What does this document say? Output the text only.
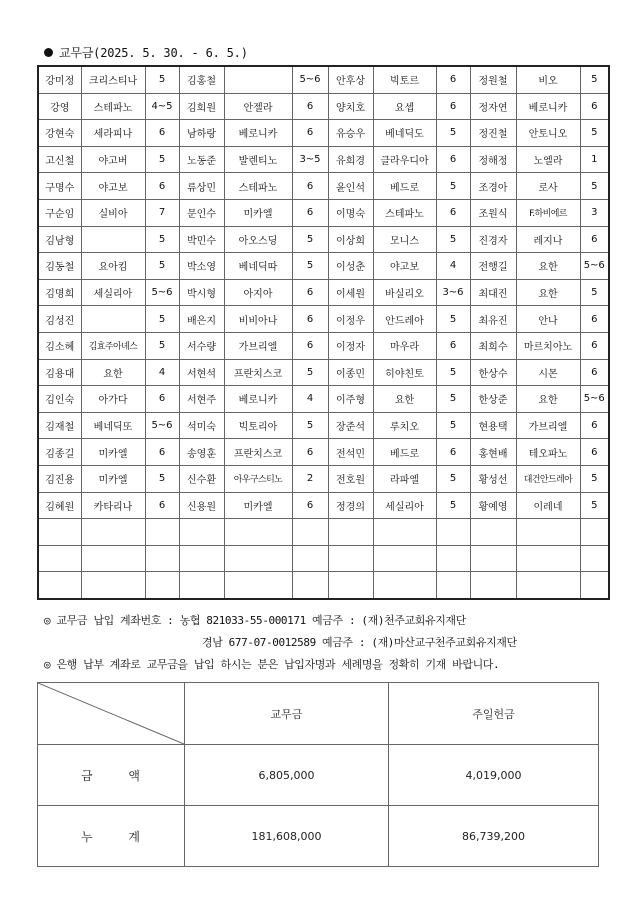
교무금(2025. 5. 30. - 6. 5.)
강미정	크리스티나	5	김홍철		5~6	안후상	빅토르	6	정원철	비오	5
강영	스테파노	4~5	김희원	안젤라	6	양치호	요셉	6	정자연	베로니카	6
강현숙	세라피나	6	남하랑	베로니카	6	유승우	베네딕도	5	정진철	안토니오	5
고신철	야고버	5	노동준	발렌티노	3~5	유희경	클라우디아	6	정해정	노엘라	1
구명수	야고보	6	류상민	스테파노	6	윤인석	베드로	5	조경아	로사	5
구순임	실비아	7	문인수	미카엘	6	이명숙	스테파노	6	조원식	F.하비에르	3
김남형		5	박민수	아오스딩	5	이상희	모니스	5	진경자	레지나	6
김동철	요아킴	5	박소영	베네딕따	5	이성춘	야고보	4	전행길	요한	5~6
김명희	세실리아	5~6	박시형	아지아	6	이세원	바실리오	3~6	최대진	요한	5
김성진		5	배은지	비비아나	6	이정우	안드레아	5	최유진	안나	6
김소혜	김효주아녜스	5	서수량	가브리엘	6	이정자	마우라	6	최희수	마르치아노	6
김용대	요한	4	서현석	프란치스코	5	이종민	히야친토	5	한상수	시몬	6
김인숙	아가다	6	서현주	베로니카	4	이주형	요한	5	한상준	요한	5~6
김재철	베네딕또	5~6	석미숙	빅토리아	5	장준석	루치오	5	현용택	가브리엘	6
김종길	미카엘	6	송영훈	프란치스코	6	전석민	베드로	6	홍현배	테오파노	6
김진용	미카엘	5	신수환	아우구스티노	2	전호원	라파엘	5	황성선	대건안드레아	5
김혜원	카타리나	6	신용원	미카엘	6	정경의	세실리아	5	황예영	이레네	5

◎ 교무금 납입 계좌번호 : 농협 821033-55-000171 예금주 : (재)천주교회유지재단
경남 677-07-0012589 예금주 : (재)마산교구천주교회유지재단
◎ 은행 납부 계좌로 교무금을 납입 하시는 분은 납입자명과 세례명을 정확히 기재 바랍니다.
	교무금	주일헌금
금 액	6,805,000	4,019,000
누 계	181,608,000	86,739,200
